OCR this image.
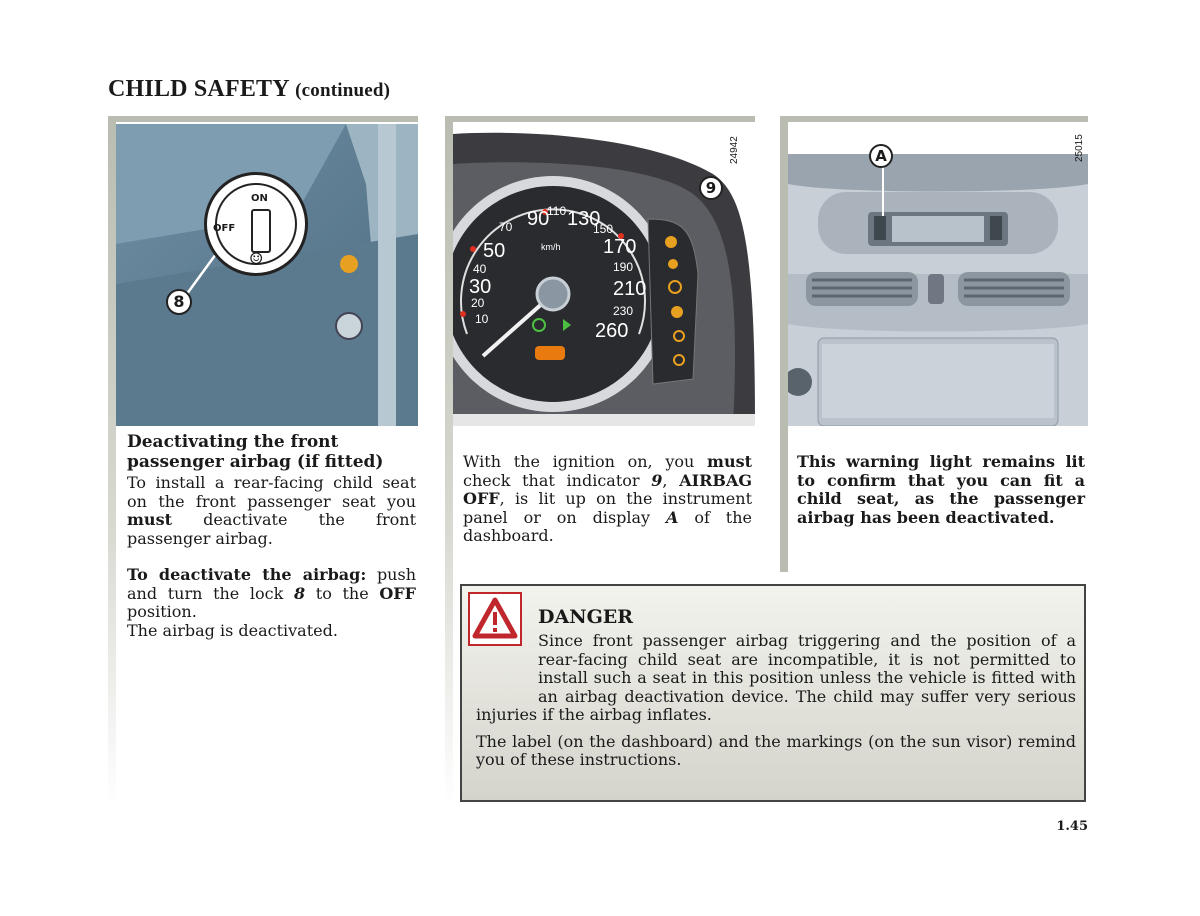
CHILD SAFETY (continued)
ON
OFF
☺
8
Deactivating the front passenger airbag (if fitted)
To install a rear-facing child seat on the front passenger seat you must deactivate the front passenger airbag.
To deactivate the airbag: push and turn the lock 8 to the OFF position.
The airbag is deactivated.
90
110 130
150
170
190
210
230
260
70
50
40
30
20
10
km/h
9
24942
With the ignition on, you must check that indicator 9, AIRBAG OFF, is lit up on the instrument panel or on display A of the dashboard.
A	25015
This warning light remains lit to confirm that you can fit a child seat, as the passenger airbag has been deactivated.
DANGER
Since front passenger airbag triggering and the position of a rear-facing child seat are incompatible, it is not permitted to install such a seat in this position unless the vehicle is fitted with an airbag deactivation device. The child may suffer very serious injuries if the airbag inflates.
The label (on the dashboard) and the markings (on the sun visor) remind you of these instructions.
1.45
